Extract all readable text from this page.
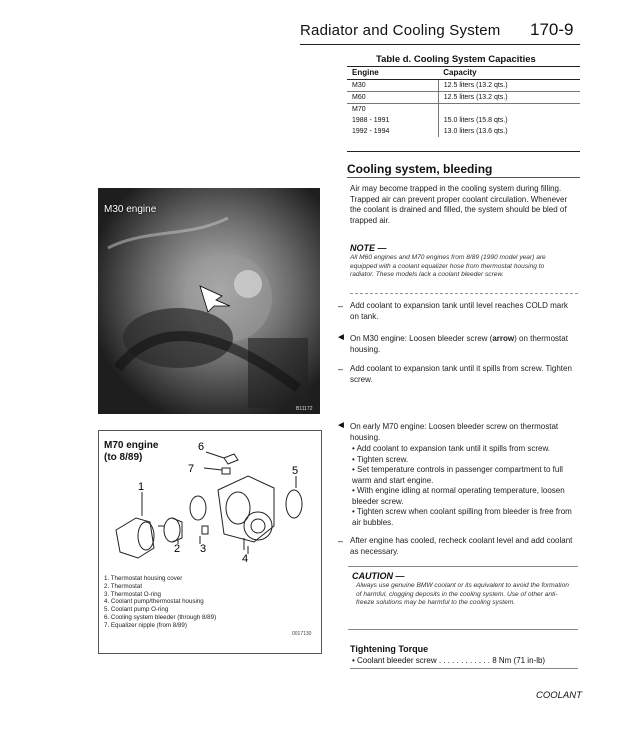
Radiator and Cooling System 170-9
Table d. Cooling System Capacities
Engine	Capacity
M30	12.5 liters (13.2 qts.)
M60	12.5 liters (13.2 qts.)
M70	
1988 - 1991	15.0 liters (15.8 qts.)
1992 - 1994	13.0 liters (13.6 qts.)
Cooling system, bleeding
Air may become trapped in the cooling system during filling. Trapped air can prevent proper coolant circulation. Whenever the coolant is drained and filled, the system should be bled of trapped air.
NOTE —
All M60 engines and M70 engines from 8/89 (1990 model year) are equipped with a coolant equalizer hose from thermostat housing to radiator. These models lack a coolant bleeder screw.
– Add coolant to expansion tank until level reaches COLD mark on tank.
◄ On M30 engine: Loosen bleeder screw (arrow) on thermostat housing.
– Add coolant to expansion tank until it spills from screw. Tighten screw.
◄ On early M70 engine: Loosen bleeder screw on thermostat housing.
• Add coolant to expansion tank until it spills from screw.
• Tighten screw.
• Set temperature controls in passenger compartment to full warm and start engine.
• With engine idling at normal operating temperature, loosen bleeder screw.
• Tighten screw when coolant spilling from bleeder is free from air bubbles.
– After engine has cooled, recheck coolant level and add coolant as necessary.
CAUTION —
Always use genuine BMW coolant or its equivalent to avoid the formation of harmful, clogging deposits in the cooling system. Use of other anti-freeze solutions may be harmful to the cooling system.
Tightening Torque
• Coolant bleeder screw . . . . . . . . . . . . 8 Nm (71 in-lb)
M30 engine
B11172
M70 engine
(to 8/89)
1
2 3
4
5
6
7
1. Thermostat housing cover
2. Thermostat
3. Thermostat O-ring
4. Coolant pump/thermostat housing
5. Coolant pump O-ring
6. Cooling system bleeder (through 8/89)
7. Equalizer nipple (from 8/89)
0017130
COOLANT
